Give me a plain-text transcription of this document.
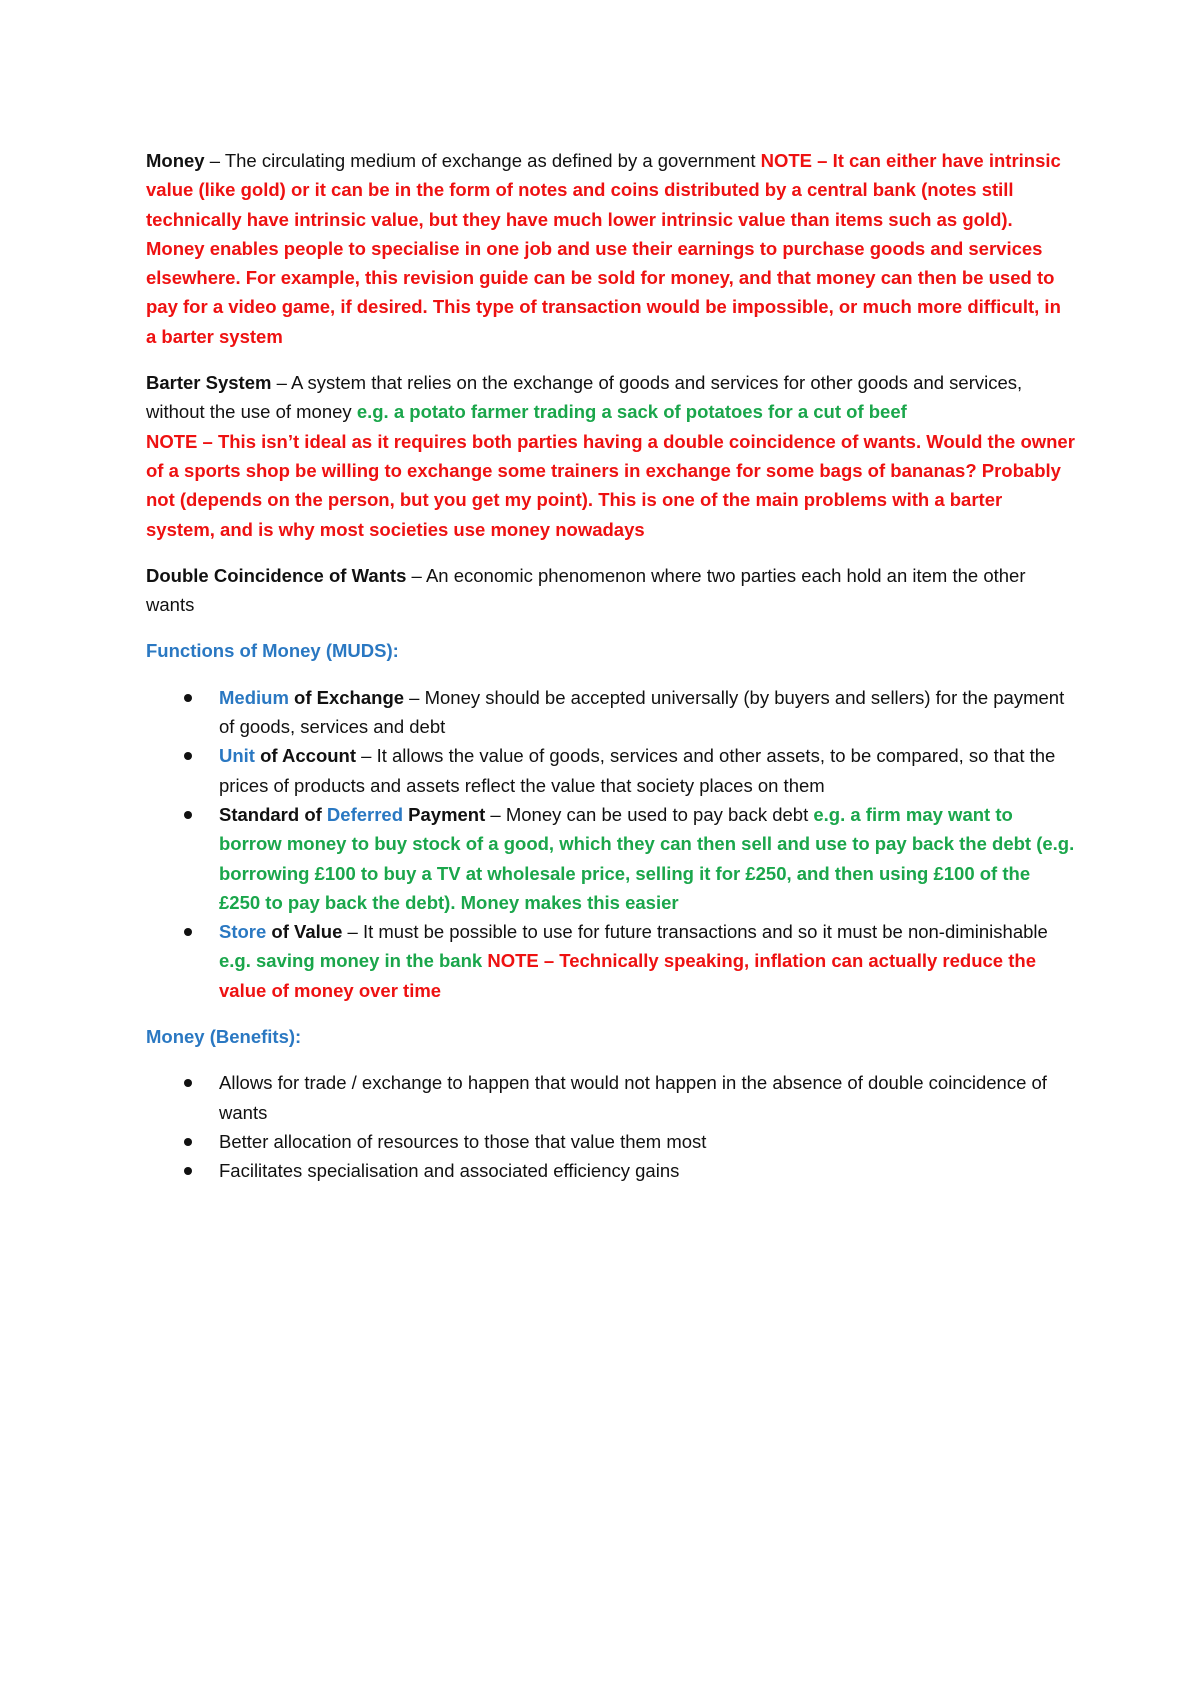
Money – The circulating medium of exchange as defined by a government NOTE – It can either have intrinsic value (like gold) or it can be in the form of notes and coins distributed by a central bank (notes still technically have intrinsic value, but they have much lower intrinsic value than items such as gold). Money enables people to specialise in one job and use their earnings to purchase goods and services elsewhere. For example, this revision guide can be sold for money, and that money can then be used to pay for a video game, if desired. This type of transaction would be impossible, or much more difficult, in a barter system

Barter System – A system that relies on the exchange of goods and services for other goods and services, without the use of money e.g. a potato farmer trading a sack of potatoes for a cut of beef
NOTE – This isn’t ideal as it requires both parties having a double coincidence of wants. Would the owner of a sports shop be willing to exchange some trainers in exchange for some bags of bananas? Probably not (depends on the person, but you get my point). This is one of the main problems with a barter system, and is why most societies use money nowadays

Double Coincidence of Wants – An economic phenomenon where two parties each hold an item the other wants

Functions of Money (MUDS):
Medium of Exchange – Money should be accepted universally (by buyers and sellers) for the payment of goods, services and debt
Unit of Account – It allows the value of goods, services and other assets, to be compared, so that the prices of products and assets reflect the value that society places on them
Standard of Deferred Payment – Money can be used to pay back debt e.g. a firm may want to borrow money to buy stock of a good, which they can then sell and use to pay back the debt (e.g. borrowing £100 to buy a TV at wholesale price, selling it for £250, and then using £100 of the £250 to pay back the debt). Money makes this easier
Store of Value – It must be possible to use for future transactions and so it must be non-diminishable e.g. saving money in the bank NOTE – Technically speaking, inflation can actually reduce the value of money over time
Money (Benefits):
Allows for trade / exchange to happen that would not happen in the absence of double coincidence of wants
Better allocation of resources to those that value them most
Facilitates specialisation and associated efficiency gains
